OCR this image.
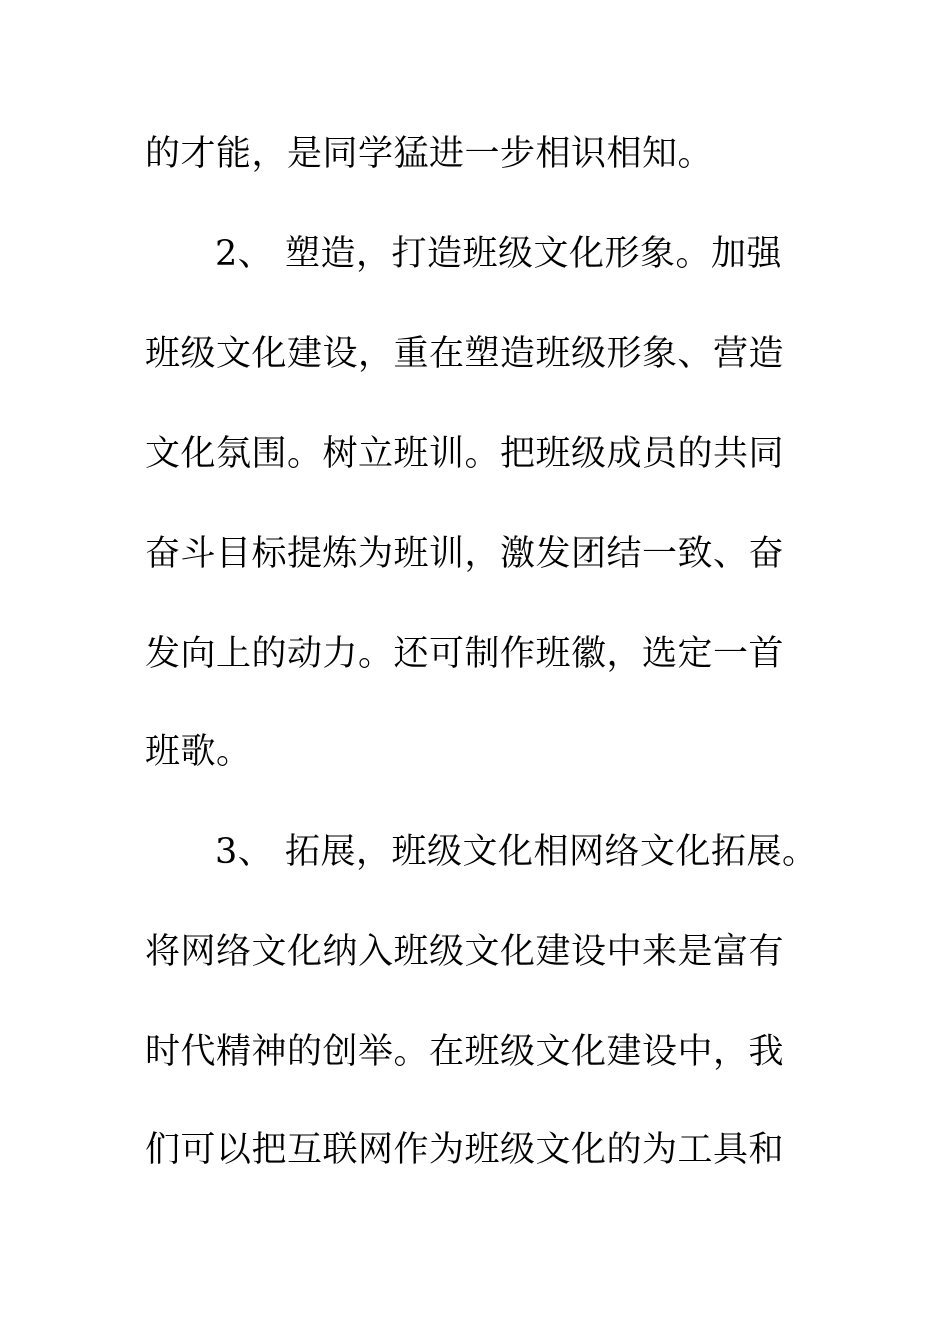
的才能，是同学猛进一步相识相知。
2、 塑造，打造班级文化形象。加强
班级文化建设，重在塑造班级形象、营造
文化氛围。树立班训。把班级成员的共同
奋斗目标提炼为班训，激发团结一致、奋
发向上的动力。还可制作班徽，选定一首
班歌。
3、 拓展，班级文化相网络文化拓展。
将网络文化纳入班级文化建设中来是富有
时代精神的创举。在班级文化建设中，我
们可以把互联网作为班级文化的为工具和
